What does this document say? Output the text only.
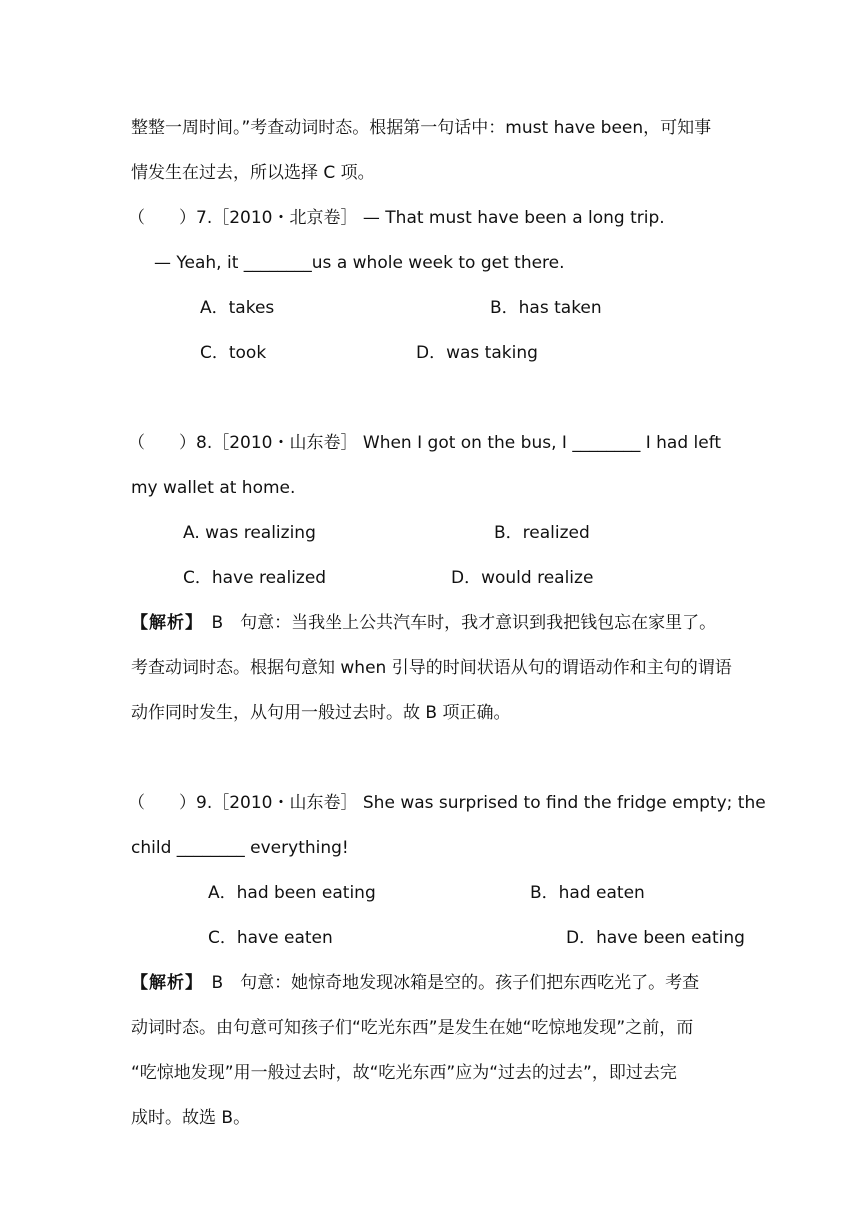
整整一周时间。”考查动词时态。根据第一句话中：must have been，可知事
情发生在过去，所以选择 C 项。
（　　）7.［2010・北京卷］ — That must have been a long trip.
— Yeah, it ________us a whole week to get there.
A．takes	B．has taken
C．took	D．was taking
（　　）8.［2010・山东卷］ When I got on the bus, I ________ I had left
my wallet at home.
A. was realizing	B．realized
C．have realized	D．would realize
【解析】　B　句意：当我坐上公共汽车时，我才意识到我把钱包忘在家里了。
考查动词时态。根据句意知 when 引导的时间状语从句的谓语动作和主句的谓语
动作同时发生，从句用一般过去时。故 B 项正确。
（　　）9.［2010・山东卷］ She was surprised to find the fridge empty; the
child ________ everything!
A．had been eating	B．had eaten
C．have eaten	D．have been eating
【解析】　B　句意：她惊奇地发现冰箱是空的。孩子们把东西吃光了。考查
动词时态。由句意可知孩子们“吃光东西”是发生在她“吃惊地发现”之前，而
“吃惊地发现”用一般过去时，故“吃光东西”应为“过去的过去”，即过去完
成时。故选 B。
